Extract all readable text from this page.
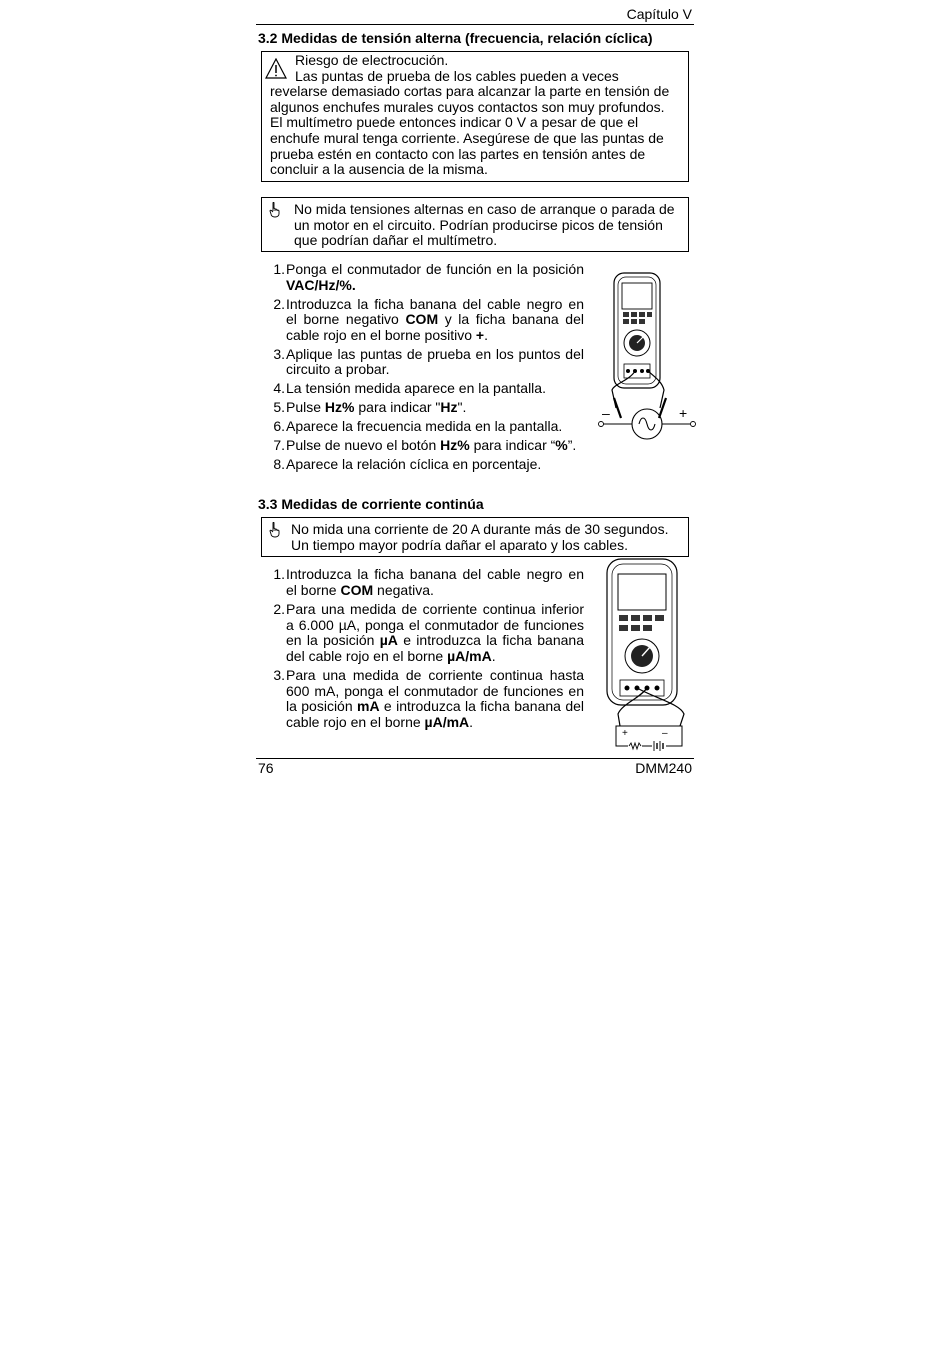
Capítulo V
3.2 Medidas de tensión alterna (frecuencia, relación cíclica)
Riesgo de electrocución.
Las puntas de prueba de los cables pueden a veces revelarse demasiado cortas para alcanzar la parte en tensión de algunos enchufes murales cuyos contactos son muy profundos. El multímetro puede entonces indicar 0 V a pesar de que el enchufe mural tenga corriente. Asegúrese de que las puntas de prueba estén en contacto con las partes en tensión antes de concluir a la ausencia de la misma.
No mida tensiones alternas en caso de arranque o parada de un motor en el circuito. Podrían producirse picos de tensión que podrían dañar el multímetro.
1. Ponga el conmutador de función en la posición VAC/Hz/%.
2. Introduzca la ficha banana del cable negro en el borne negativo COM y la ficha banana del cable rojo en el borne positivo +.
3. Aplique las puntas de prueba en los puntos del circuito a probar.
4. La tensión medida aparece en la pantalla.
5. Pulse Hz% para indicar "Hz".
6. Aparece la frecuencia medida en la pantalla.
7. Pulse de nuevo el botón Hz% para indicar “%”.
8. Aparece la relación cíclica en porcentaje.
–	+
3.3 Medidas de corriente continúa
No mida una corriente de 20 A durante más de 30 segundos. Un tiempo mayor podría dañar el aparato y los cables.
1. Introduzca la ficha banana del cable negro en el borne COM negativa.
2. Para una medida de corriente continua inferior a 6.000 µA, ponga el conmutador de funciones en la posición µA e introduzca la ficha banana del cable rojo en el borne µA/mA.
3. Para una medida de corriente continua hasta 600 mA, ponga el conmutador de funciones en la posición mA e introduzca la ficha banana del cable rojo en el borne µA/mA.
+	–
76	DMM240
